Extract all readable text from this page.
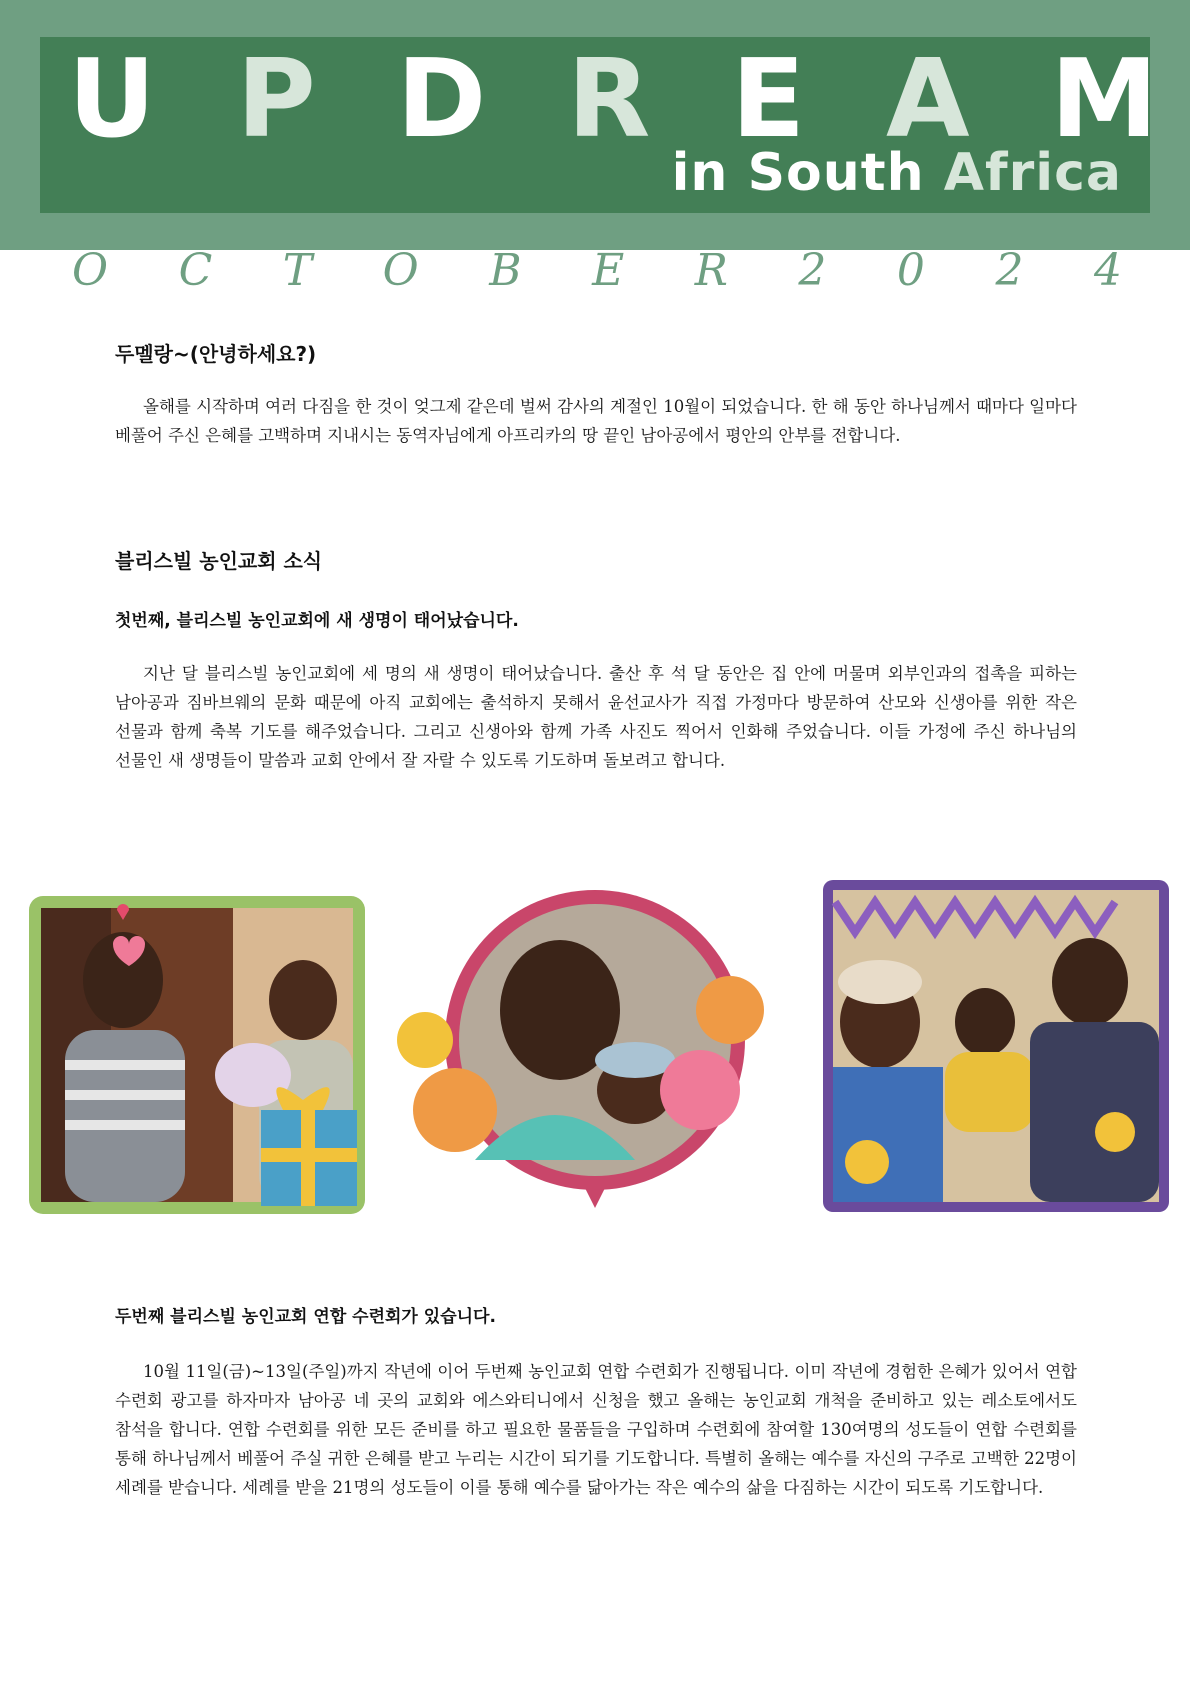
U P D R E A M
in South Africa
O C T O B E R 2 0 2 4
두멜랑~(안녕하세요?)

올해를 시작하며 여러 다짐을 한 것이 엊그제 같은데 벌써 감사의 계절인 10월이 되었습니다. 한 해 동안 하나님께서 때마다 일마다 베풀어 주신 은혜를 고백하며 지내시는 동역자님에게 아프리카의 땅 끝인 남아공에서 평안의 안부를 전합니다.

블리스빌 농인교회 소식
첫번째, 블리스빌 농인교회에 새 생명이 태어났습니다.

지난 달 블리스빌 농인교회에 세 명의 새 생명이 태어났습니다. 출산 후 석 달 동안은 집 안에 머물며 외부인과의 접촉을 피하는 남아공과 짐바브웨의 문화 때문에 아직 교회에는 출석하지 못해서 윤선교사가 직접 가정마다 방문하여 산모와 신생아를 위한 작은 선물과 함께 축복 기도를 해주었습니다. 그리고 신생아와 함께 가족 사진도 찍어서 인화해 주었습니다. 이들 가정에 주신 하나님의 선물인 새 생명들이 말씀과 교회 안에서 잘 자랄 수 있도록 기도하며 돌보려고 합니다.

두번째 블리스빌 농인교회 연합 수련회가 있습니다.

10월 11일(금)~13일(주일)까지 작년에 이어 두번째 농인교회 연합 수련회가 진행됩니다. 이미 작년에 경험한 은혜가 있어서 연합 수련회 광고를 하자마자 남아공 네 곳의 교회와 에스와티니에서 신청을 했고 올해는 농인교회 개척을 준비하고 있는 레소토에서도 참석을 합니다. 연합 수련회를 위한 모든 준비를 하고 필요한 물품들을 구입하며 수련회에 참여할 130여명의 성도들이 연합 수련회를 통해 하나님께서 베풀어 주실 귀한 은혜를 받고 누리는 시간이 되기를 기도합니다. 특별히 올해는 예수를 자신의 구주로 고백한 22명이 세례를 받습니다. 세례를 받을 21명의 성도들이 이를 통해 예수를 닮아가는 작은 예수의 삶을 다짐하는 시간이 되도록 기도합니다.
